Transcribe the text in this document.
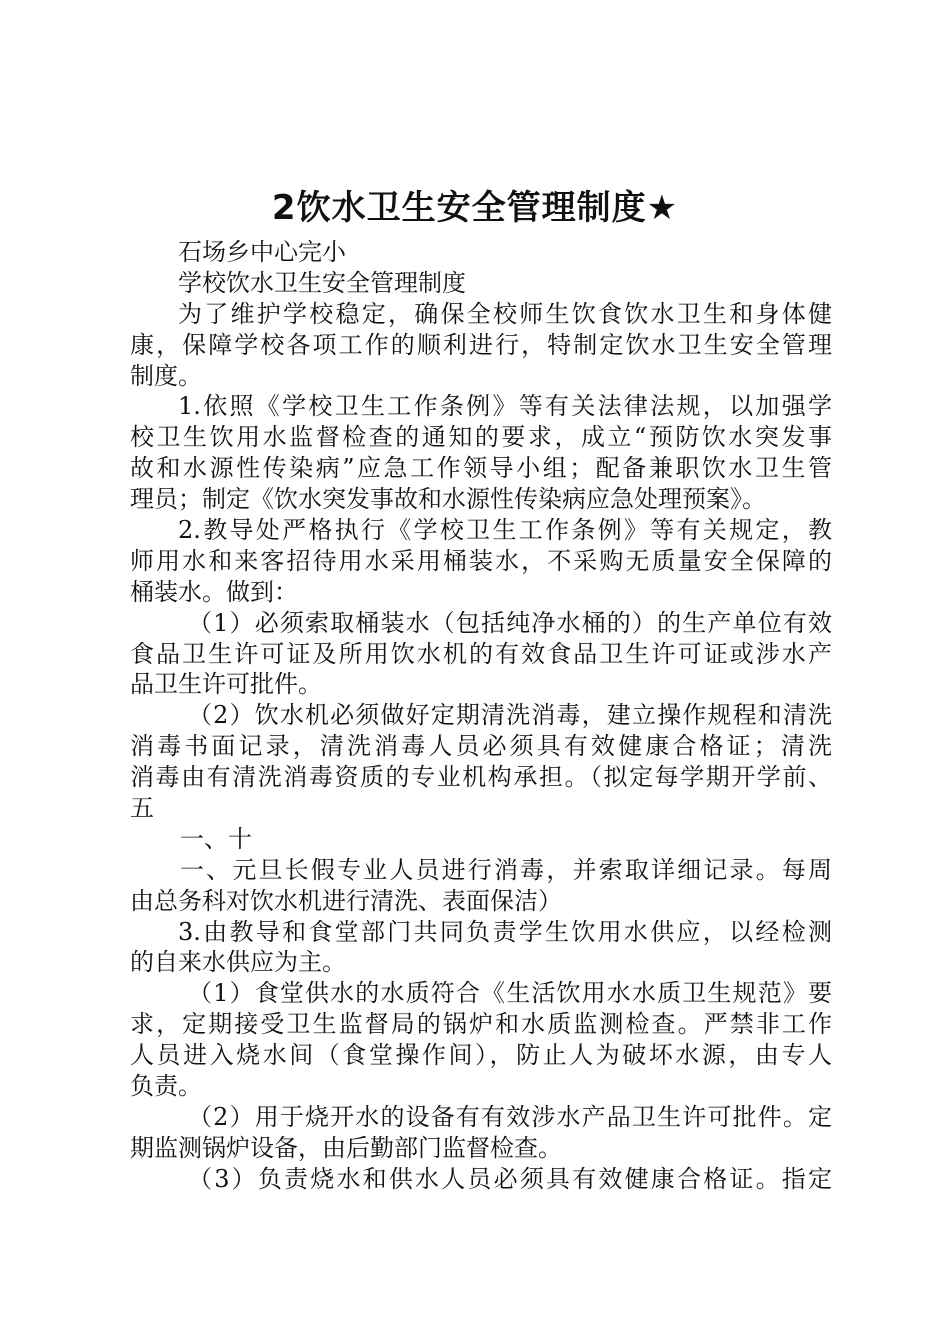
2饮水卫生安全管理制度★
石场乡中心完小
学校饮水卫生安全管理制度
为了维护学校稳定，确保全校师生饮食饮水卫生和身体健
康，保障学校各项工作的顺利进行，特制定饮水卫生安全管理
制度。
1.依照《学校卫生工作条例》等有关法律法规，以加强学
校卫生饮用水监督检查的通知的要求，成立“预防饮水突发事
故和水源性传染病”应急工作领导小组；配备兼职饮水卫生管
理员；制定《饮水突发事故和水源性传染病应急处理预案》。
2.教导处严格执行《学校卫生工作条例》等有关规定，教
师用水和来客招待用水采用桶装水，不采购无质量安全保障的
桶装水。做到：
（1）必须索取桶装水（包括纯净水桶的）的生产单位有效
食品卫生许可证及所用饮水机的有效食品卫生许可证或涉水产
品卫生许可批件。
（2）饮水机必须做好定期清洗消毒，建立操作规程和清洗
消毒书面记录，清洗消毒人员必须具有效健康合格证；清洗
消毒由有清洗消毒资质的专业机构承担。（拟定每学期开学前、
五
一、十
一、元旦长假专业人员进行消毒，并索取详细记录。每周
由总务科对饮水机进行清洗、表面保洁）
3.由教导和食堂部门共同负责学生饮用水供应，以经检测
的自来水供应为主。
（1）食堂供水的水质符合《生活饮用水水质卫生规范》要
求，定期接受卫生监督局的锅炉和水质监测检查。严禁非工作
人员进入烧水间（食堂操作间），防止人为破坏水源，由专人
负责。
（2）用于烧开水的设备有有效涉水产品卫生许可批件。定
期监测锅炉设备，由后勤部门监督检查。
（3）负责烧水和供水人员必须具有效健康合格证。指定
